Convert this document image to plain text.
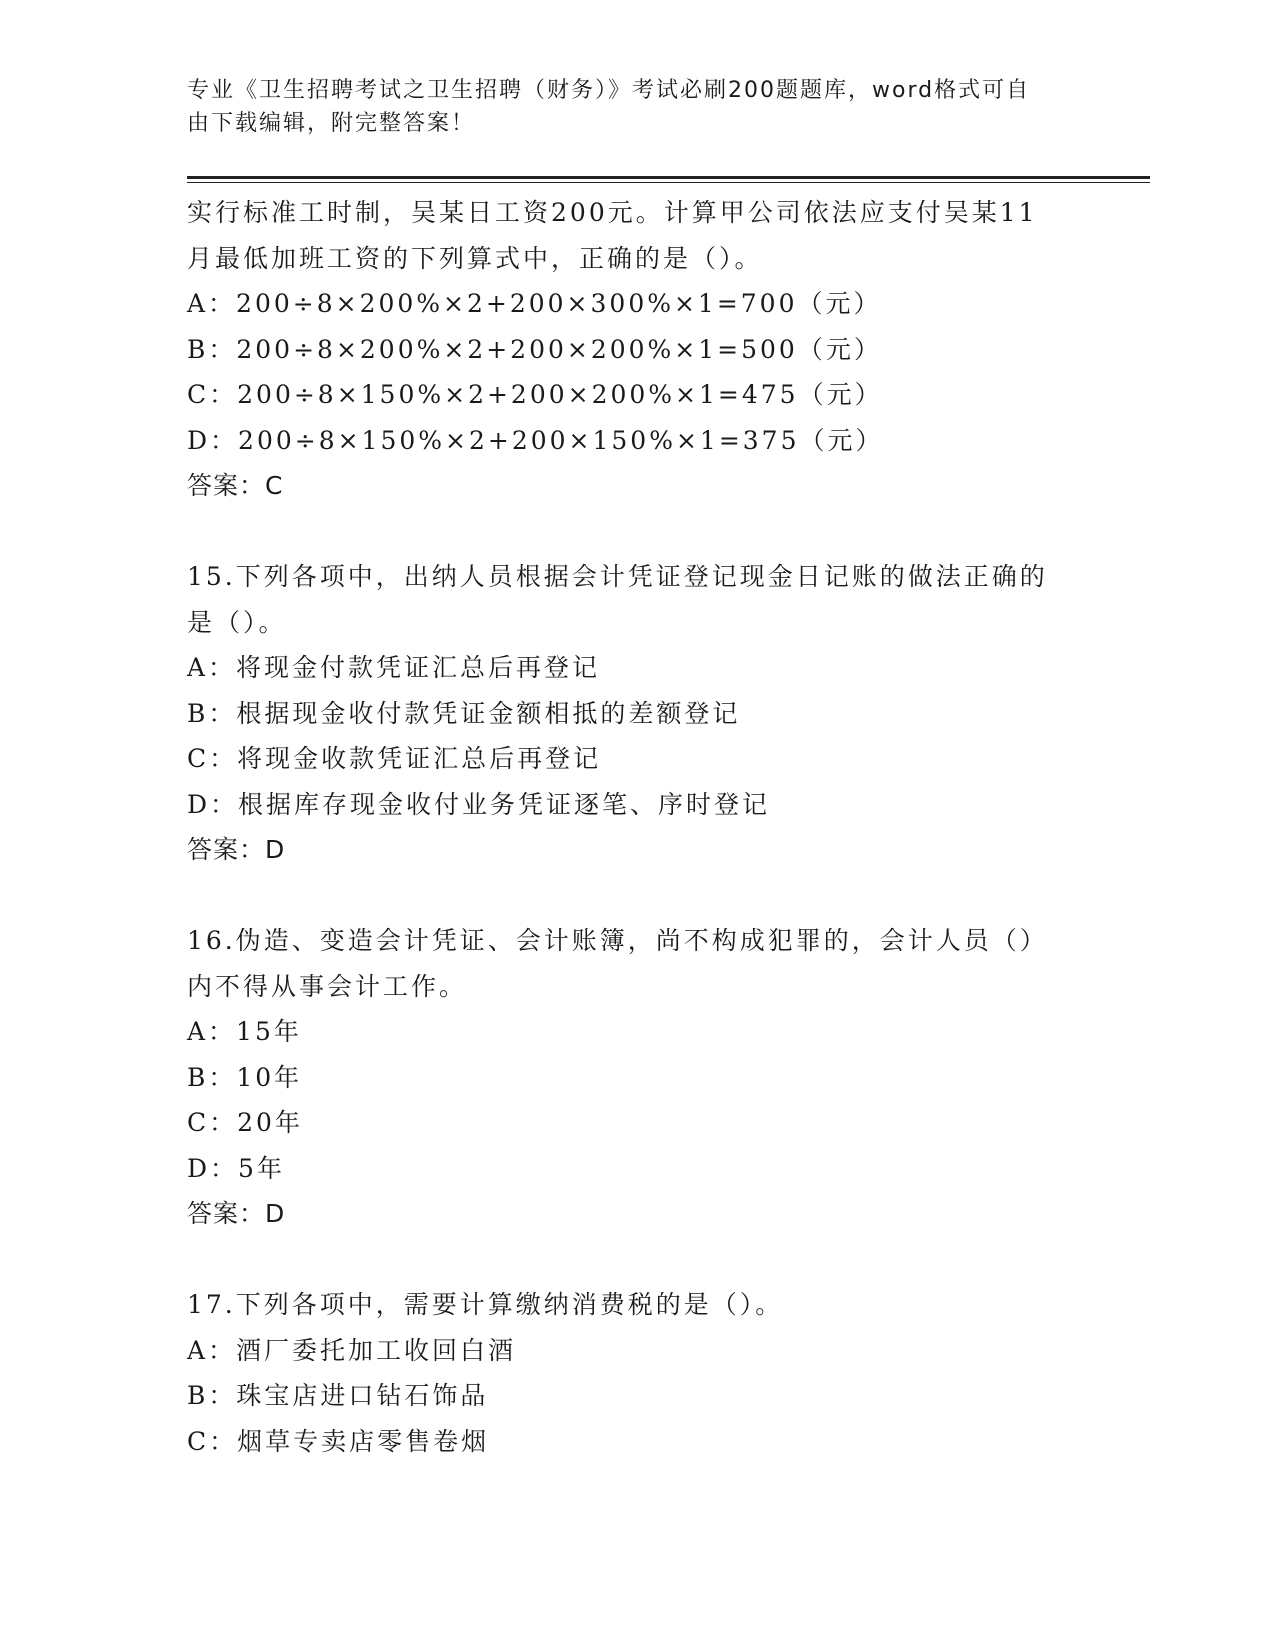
专业《卫生招聘考试之卫生招聘（财务）》考试必刷200题题库，word格式可自
由下载编辑，附完整答案！
实行标准工时制，吴某日工资200元。计算甲公司依法应支付吴某11
月最低加班工资的下列算式中，正确的是（）。
A：200÷8×200%×2+200×300%×1=700（元）
B：200÷8×200%×2+200×200%×1=500（元）
C：200÷8×150%×2+200×200%×1=475（元）
D：200÷8×150%×2+200×150%×1=375（元）
答案：C
15.下列各项中，出纳人员根据会计凭证登记现金日记账的做法正确的
是（）。
A：将现金付款凭证汇总后再登记
B：根据现金收付款凭证金额相抵的差额登记
C：将现金收款凭证汇总后再登记
D：根据库存现金收付业务凭证逐笔、序时登记
答案：D
16.伪造、变造会计凭证、会计账簿，尚不构成犯罪的，会计人员（）
内不得从事会计工作。
A：15年
B：10年
C：20年
D：5年
答案：D
17.下列各项中，需要计算缴纳消费税的是（）。
A：酒厂委托加工收回白酒
B：珠宝店进口钻石饰品
C：烟草专卖店零售卷烟
